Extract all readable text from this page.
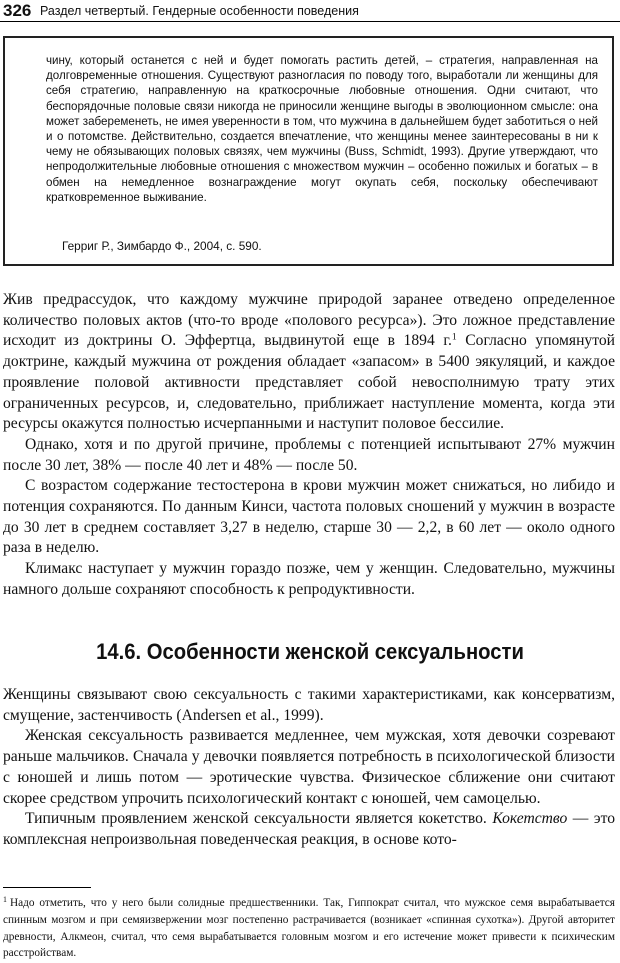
326 Раздел четвертый. Гендерные особенности поведения

чину, который останется с ней и будет помогать растить детей, – стратегия, направленная на долговременные отношения. Существуют разногласия по поводу того, выработали ли женщины для себя стратегию, направленную на краткосрочные любовные отношения. Одни считают, что беспорядочные половые связи никогда не приносили женщине выгоды в эволюционном смысле: она может забеременеть, не имея уверенности в том, что мужчина в дальнейшем будет заботиться о ней и о потомстве. Действительно, создается впечатление, что женщины менее заинтересованы в ни к чему не обязывающих половых связях, чем мужчины (Buss, Schmidt, 1993). Другие утверждают, что непродолжительные любовные отношения с множеством мужчин – особенно пожилых и богатых – в обмен на немедленное вознаграждение могут окупать себя, поскольку обеспечивают кратковременное выживание.

Герриг Р., Зимбардо Ф., 2004, с. 590.

Жив предрассудок, что каждому мужчине природой заранее отведено определенное количество половых актов (что-то вроде «полового ресурса»). Это ложное представление исходит из доктрины О. Эффертца, выдвинутой еще в 1894 г.$^1$ Согласно упомянутой доктрине, каждый мужчина от рождения обладает «запасом» в 5400 эякуляций, и каждое проявление половой активности представляет собой невосполнимую трату этих ограниченных ресурсов, и, следовательно, приближает наступление момента, когда эти ресурсы окажутся полностью исчерпанными и наступит половое бессилие.

Однако, хотя и по другой причине, проблемы с потенцией испытывают 27% мужчин после 30 лет, 38% — после 40 лет и 48% — после 50.

С возрастом содержание тестостерона в крови мужчин может снижаться, но либидо и потенция сохраняются. По данным Кинси, частота половых сношений у мужчин в возрасте до 30 лет в среднем составляет 3,27 в неделю, старше 30 — 2,2, в 60 лет — около одного раза в неделю.

Климакс наступает у мужчин гораздо позже, чем у женщин. Следовательно, мужчины намного дольше сохраняют способность к репродуктивности.

14.6. Особенности женской сексуальности

Женщины связывают свою сексуальность с такими характеристиками, как консерватизм, смущение, застенчивость (Andersen et al., 1999).

Женская сексуальность развивается медленнее, чем мужская, хотя девочки созревают раньше мальчиков. Сначала у девочки появляется потребность в психологической близости с юношей и лишь потом — эротические чувства. Физическое сближение они считают скорее средством упрочить психологический контакт с юношей, чем самоцелью.

Типичным проявлением женской сексуальности является кокетство. Кокетство — это комплексная непроизвольная поведенческая реакция, в основе кото-

$^1$ Надо отметить, что у него были солидные предшественники. Так, Гиппократ считал, что мужское семя вырабатывается спинным мозгом и при семяизвержении мозг постепенно растрачивается (возникает «спинная сухотка»). Другой авторитет древности, Алкмеон, считал, что семя вырабатывается головным мозгом и его истечение может привести к психическим расстройствам.
